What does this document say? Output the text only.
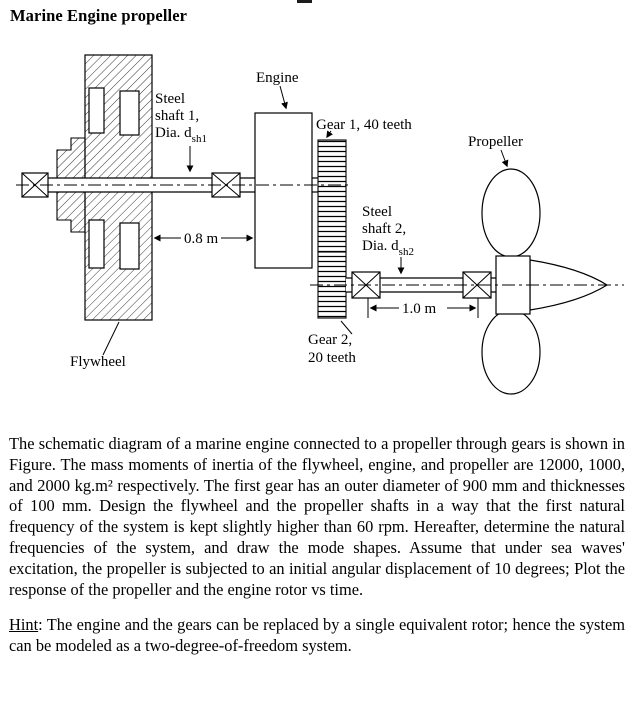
Marine Engine propeller
0.8 m
1.0 m
Engine
Gear 1, 40 teeth
Propeller
Steel
shaft 1,
Dia. $d_{sh1}$
Steel
shaft 2,
Dia. $d_{sh2}$
Gear 2,
20 teeth
Flywheel

The schematic diagram of a marine engine connected to a propeller through gears is shown in Figure. The mass moments of inertia of the flywheel, engine, and propeller are 12000, 1000, and 2000 kg.m² respectively. The first gear has an outer diameter of 900 mm and thicknesses of 100 mm. Design the flywheel and the propeller shafts in a way that the first natural frequency of the system is kept slightly higher than 60 rpm. Hereafter, determine the natural frequencies of the system, and draw the mode shapes. Assume that under sea waves' excitation, the propeller is subjected to an initial angular displacement of 10 degrees; Plot the response of the propeller and the engine rotor vs time.

Hint: The engine and the gears can be replaced by a single equivalent rotor; hence the system can be modeled as a two-degree-of-freedom system.
